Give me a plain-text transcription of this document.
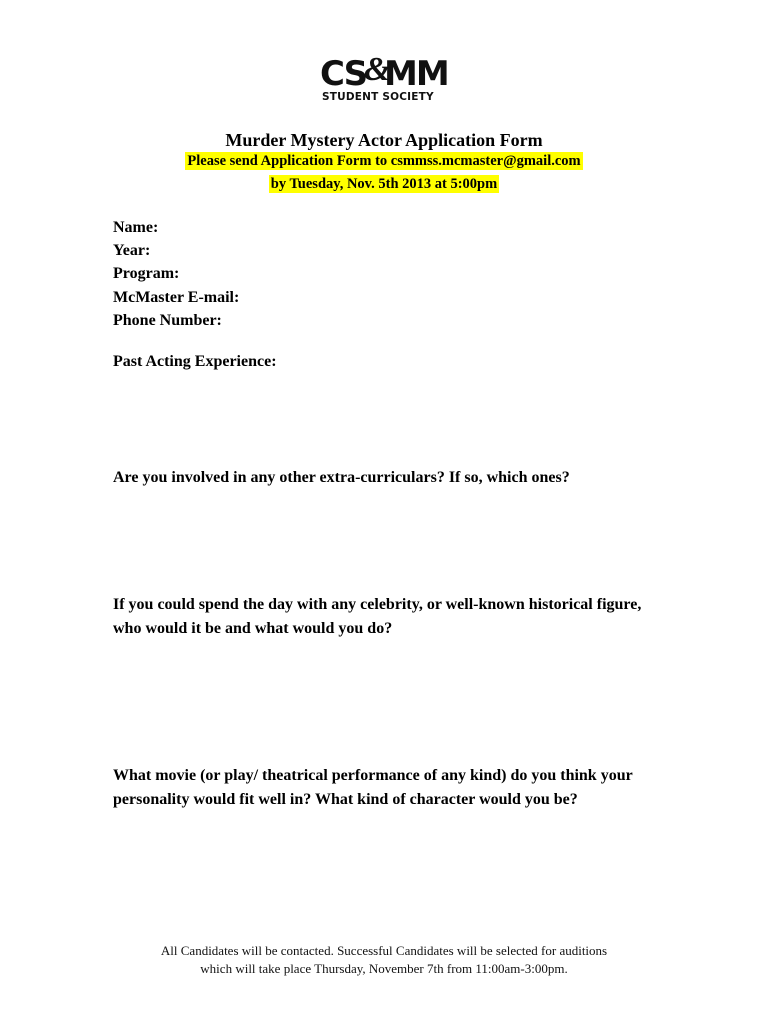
CS
&
MM
STUDENT SOCIETY
Murder Mystery Actor Application Form
Please send Application Form to csmmss.mcmaster@gmail.com
by Tuesday, Nov. 5th 2013 at 5:00pm
Name:
Year:
Program:
McMaster E-mail:
Phone Number:
Past Acting Experience:
Are you involved in any other extra-curriculars? If so, which ones?
If you could spend the day with any celebrity, or well-known historical figure, who would it be and what would you do?
What movie (or play/ theatrical performance of any kind) do you think your personality would fit well in? What kind of character would you be?
All Candidates will be contacted. Successful Candidates will be selected for auditions
which will take place Thursday, November 7th from 11:00am-3:00pm.
